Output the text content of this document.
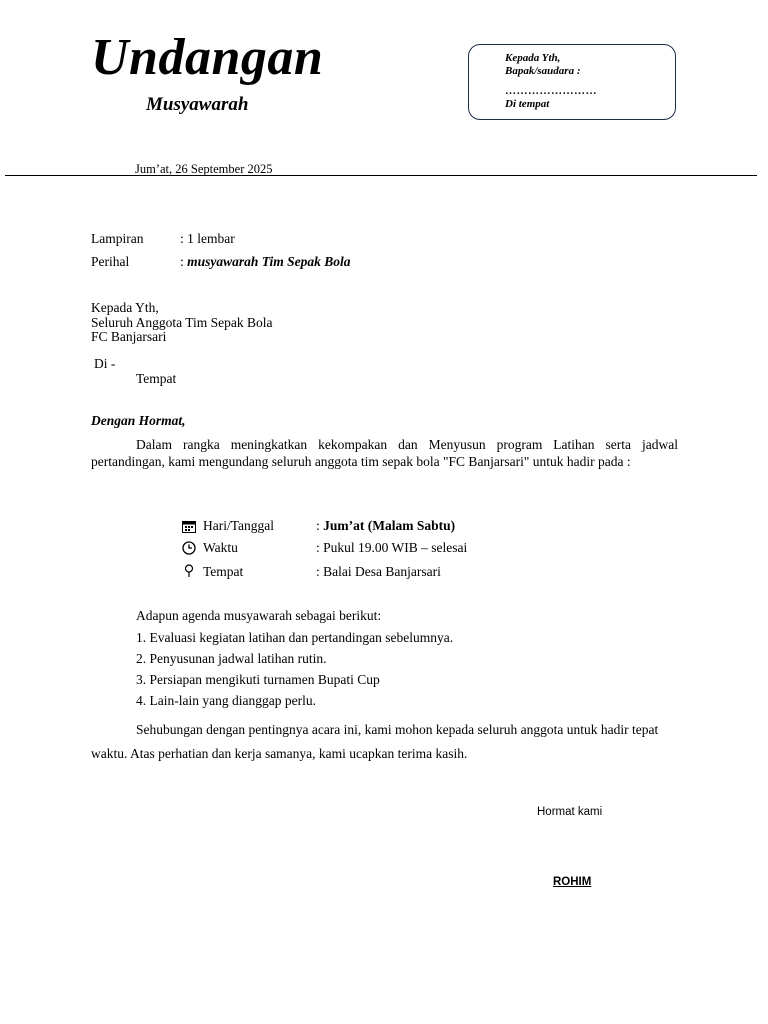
Undangan
Musyawarah
Kepada Yth,
Bapak/saudara :
……………………
Di tempat
Jum’at, 26 September 2025
Lampiran	: 1 lembar
Perihal	: musyawarah Tim Sepak Bola
Kepada Yth,
Seluruh Anggota Tim Sepak Bola
FC Banjarsari
Di -
Tempat
Dengan Hormat,
Dalam rangka meningkatkan kekompakan dan Menyusun program Latihan serta jadwal pertandingan, kami mengundang seluruh anggota tim sepak bola "FC Banjarsari" untuk hadir pada :
Hari/Tanggal	: Jum’at (Malam Sabtu)
Waktu	: Pukul 19.00 WIB – selesai
Tempat	: Balai Desa Banjarsari
Adapun agenda musyawarah sebagai berikut:
1. Evaluasi kegiatan latihan dan pertandingan sebelumnya.
2. Penyusunan jadwal latihan rutin.
3. Persiapan mengikuti turnamen Bupati Cup
4. Lain-lain yang dianggap perlu.
Sehubungan dengan pentingnya acara ini, kami mohon kepada seluruh anggota untuk hadir tepat waktu. Atas perhatian dan kerja samanya, kami ucapkan terima kasih.
Hormat kami
ROHIM
